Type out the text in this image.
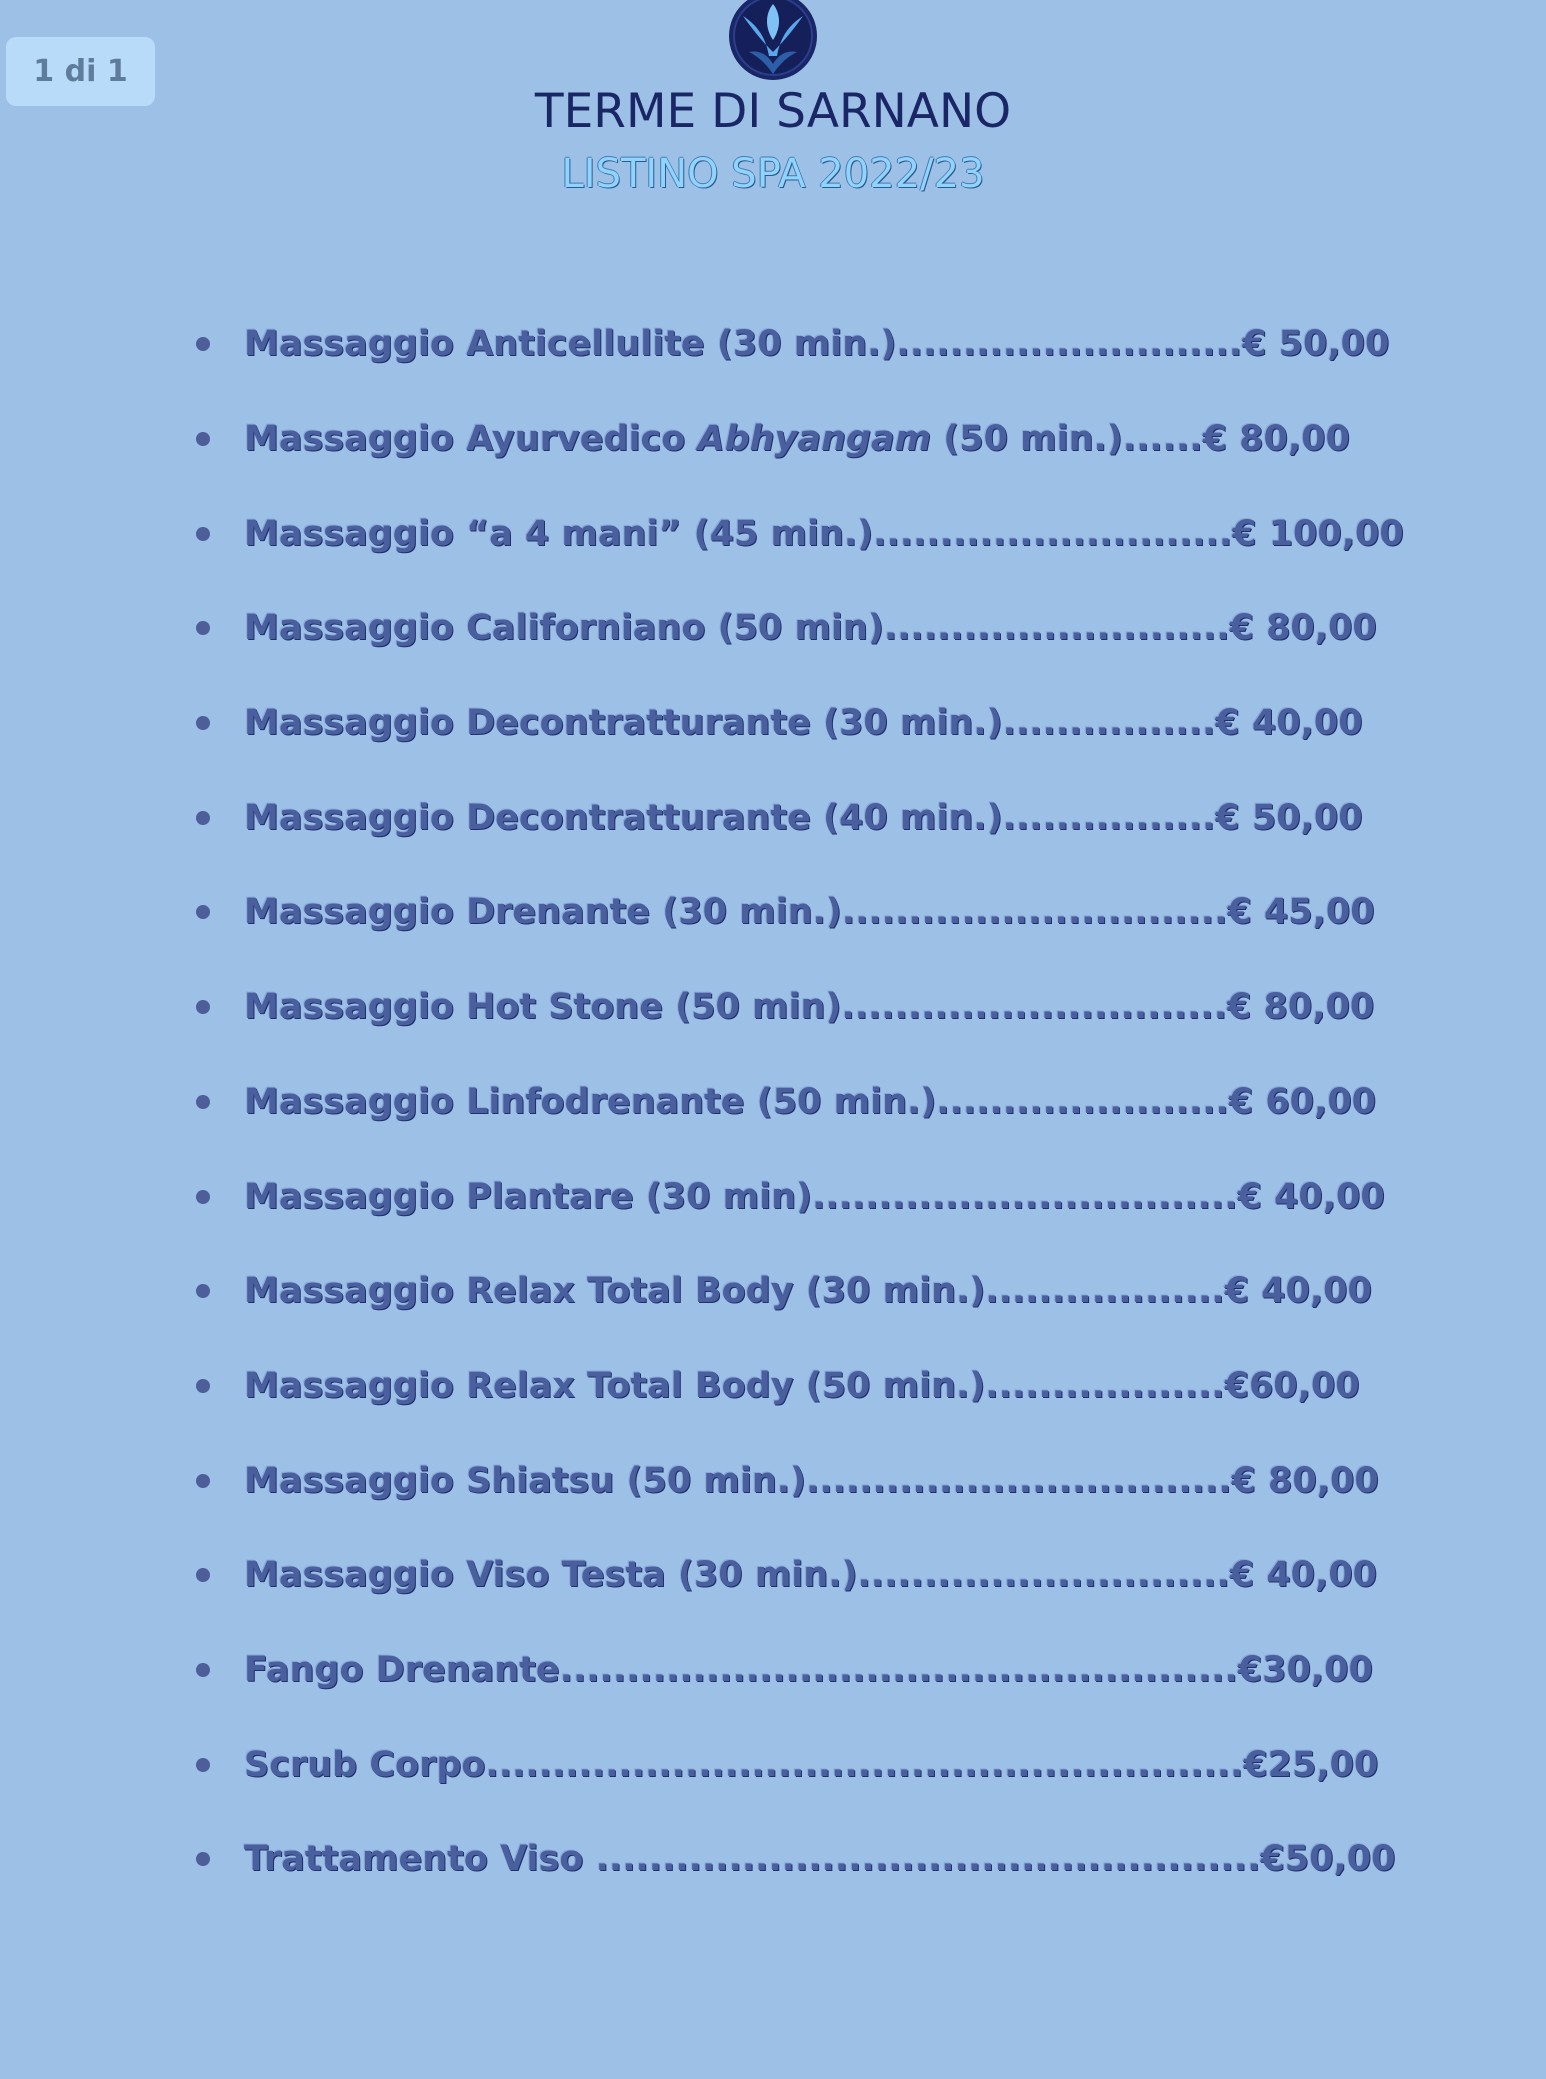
1 di 1
TERME DI SARNANO
LISTINO SPA 2022/23
Massaggio Anticellulite (30 min.)..........................€ 50,00
Massaggio Ayurvedico Abhyangam (50 min.)......€ 80,00
Massaggio “a 4 mani” (45 min.)...........................€ 100,00
Massaggio Californiano (50 min)..........................€ 80,00
Massaggio Decontratturante (30 min.)................€ 40,00
Massaggio Decontratturante (40 min.)................€ 50,00
Massaggio Drenante (30 min.).............................€ 45,00
Massaggio Hot Stone (50 min).............................€ 80,00
Massaggio Linfodrenante (50 min.)......................€ 60,00
Massaggio Plantare (30 min)................................€ 40,00
Massaggio Relax Total Body (30 min.)..................€ 40,00
Massaggio Relax Total Body (50 min.)..................€60,00
Massaggio Shiatsu (50 min.)................................€ 80,00
Massaggio Viso Testa (30 min.)............................€ 40,00
Fango Drenante...................................................€30,00
Scrub Corpo.........................................................€25,00
Trattamento Viso ..................................................€50,00
